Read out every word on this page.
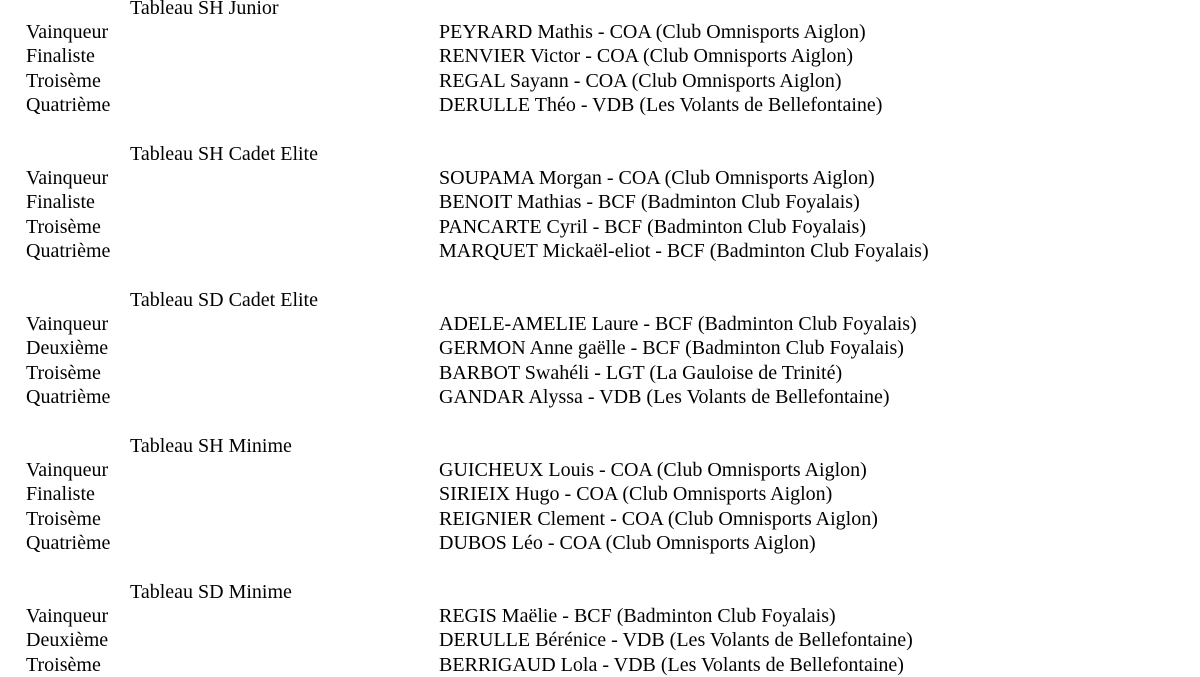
Tableau SH Junior
Vainqueur	PEYRARD Mathis - COA (Club Omnisports Aiglon)
Finaliste	RENVIER Victor - COA (Club Omnisports Aiglon)
Troisème	REGAL Sayann - COA (Club Omnisports Aiglon)
Quatrième	DERULLE Théo - VDB (Les Volants de Bellefontaine)
Tableau SH Cadet Elite
Vainqueur	SOUPAMA Morgan - COA (Club Omnisports Aiglon)
Finaliste	BENOIT Mathias - BCF (Badminton Club Foyalais)
Troisème	PANCARTE Cyril - BCF (Badminton Club Foyalais)
Quatrième	MARQUET Mickaël-eliot - BCF (Badminton Club Foyalais)
Tableau SD Cadet Elite
Vainqueur	ADELE-AMELIE Laure - BCF (Badminton Club Foyalais)
Deuxième	GERMON Anne gaëlle - BCF (Badminton Club Foyalais)
Troisème	BARBOT Swahéli - LGT (La Gauloise de Trinité)
Quatrième	GANDAR Alyssa - VDB (Les Volants de Bellefontaine)
Tableau SH Minime
Vainqueur	GUICHEUX Louis - COA (Club Omnisports Aiglon)
Finaliste	SIRIEIX Hugo - COA (Club Omnisports Aiglon)
Troisème	REIGNIER Clement - COA (Club Omnisports Aiglon)
Quatrième	DUBOS Léo - COA (Club Omnisports Aiglon)
Tableau SD Minime
Vainqueur	REGIS Maëlie - BCF (Badminton Club Foyalais)
Deuxième	DERULLE Bérénice - VDB (Les Volants de Bellefontaine)
Troisème	BERRIGAUD Lola - VDB (Les Volants de Bellefontaine)
